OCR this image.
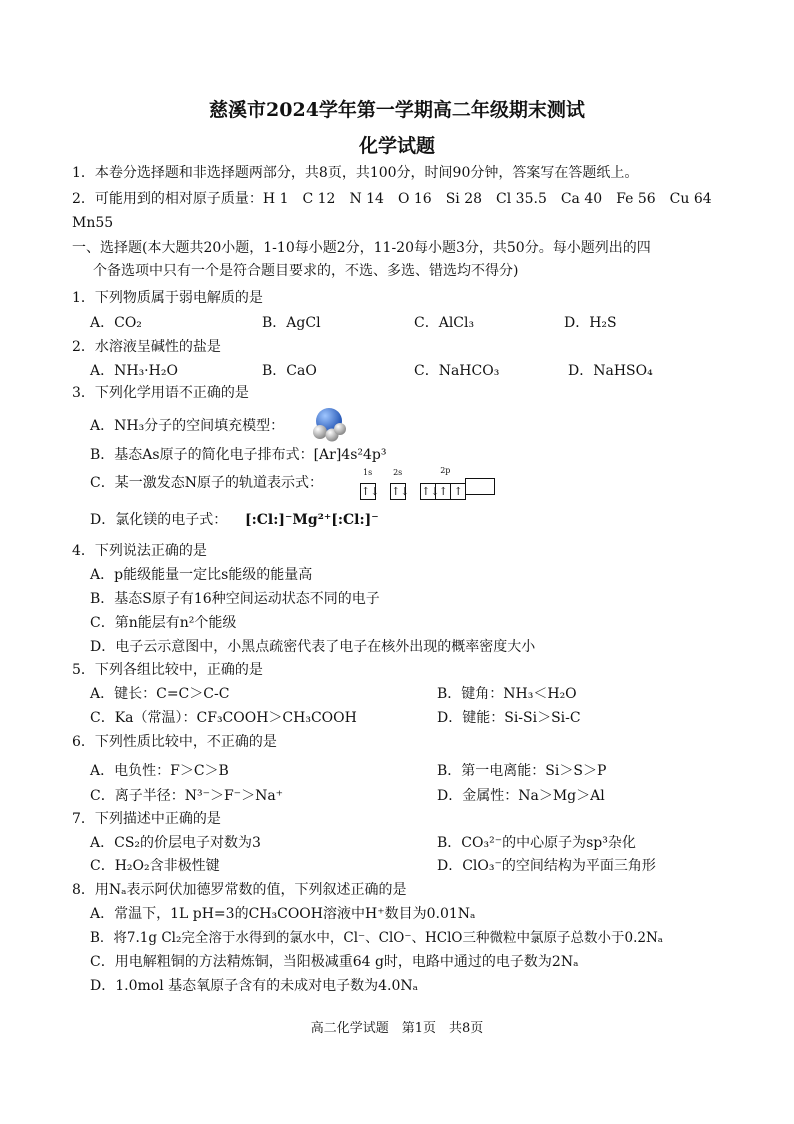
慈溪市2024学年第一学期高二年级期末测试
化学试题
1．本卷分选择题和非选择题两部分，共8页，共100分，时间90分钟，答案写在答题纸上。
2．可能用到的相对原子质量：H 1　C 12　N 14　O 16　Si 28　Cl 35.5　Ca 40　Fe 56　Cu 64
Mn55
一、选择题(本大题共20小题，1-10每小题2分，11-20每小题3分，共50分。每小题列出的四
个备选项中只有一个是符合题目要求的，不选、多选、错选均不得分)
1．下列物质属于弱电解质的是
A．CO₂	B．AgCl	C．AlCl₃	D．H₂S
2．水溶液呈碱性的盐是
A．NH₃·H₂O	B．CaO	C．NaHCO₃	D．NaHSO₄
3．下列化学用语不正确的是
A．NH₃分子的空间填充模型：
B．基态As原子的简化电子排布式：[Ar]4s²4p³
C．某一激发态N原子的轨道表示式：
1s
↑↓
2s
↑↓
2p
↑↓↑ ↑
D．氯化镁的电子式： [:Cl:]⁻Mg²⁺[:Cl:]⁻
4．下列说法正确的是
A．p能级能量一定比s能级的能量高
B．基态S原子有16种空间运动状态不同的电子
C．第n能层有n²个能级
D．电子云示意图中，小黑点疏密代表了电子在核外出现的概率密度大小
5．下列各组比较中，正确的是
A．键长：C=C＞C-C	B．键角：NH₃＜H₂O
C．Ka（常温）：CF₃COOH＞CH₃COOH	D．键能：Si-Si＞Si-C
6．下列性质比较中，不正确的是
A．电负性：F＞C＞B	B．第一电离能：Si＞S＞P
C．离子半径：N³⁻＞F⁻＞Na⁺	D．金属性：Na＞Mg＞Al
7．下列描述中正确的是
A．CS₂的价层电子对数为3	B．CO₃²⁻的中心原子为sp³杂化
C．H₂O₂含非极性键	D．ClO₃⁻的空间结构为平面三角形
8．用Nₐ表示阿伏加德罗常数的值，下列叙述正确的是
A．常温下，1L pH=3的CH₃COOH溶液中H⁺数目为0.01Nₐ
B．将7.1g Cl₂完全溶于水得到的氯水中，Cl⁻、ClO⁻、HClO三种微粒中氯原子总数小于0.2Nₐ
C．用电解粗铜的方法精炼铜，当阳极减重64 g时，电路中通过的电子数为2Nₐ
D．1.0mol 基态氧原子含有的未成对电子数为4.0Nₐ
高二化学试题　第1页　共8页
